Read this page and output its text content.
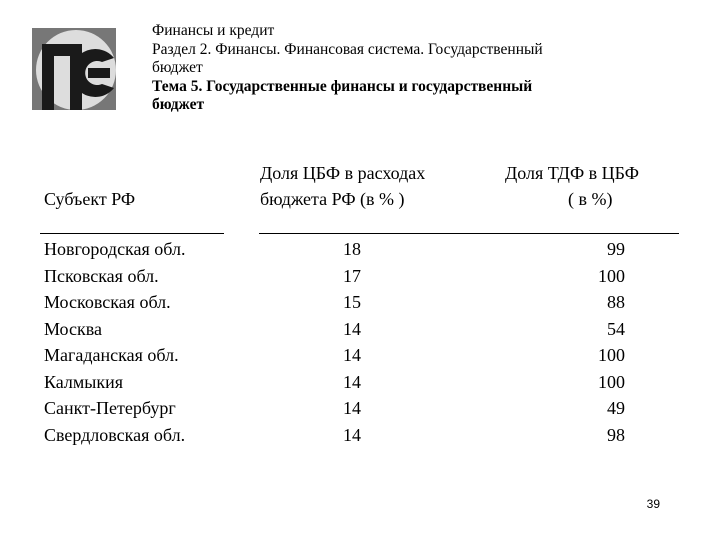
Финансы и кредит
Раздел 2. Финансы. Финансовая система. Государственный
бюджет
Тема 5. Государственные финансы и государственный
бюджет
Субъект РФ
Доля ЦБФ в расходах
бюджета РФ (в % )
Доля ТДФ в ЦБФ
( в %)
Новгородская обл.	18	99
Псковская обл.	17	100
Московская обл.	15	88
Москва	14	54
Магаданская обл.	14	100
Калмыкия	14	100
Санкт-Петербург	14	49
Свердловская обл.	14	98
39
